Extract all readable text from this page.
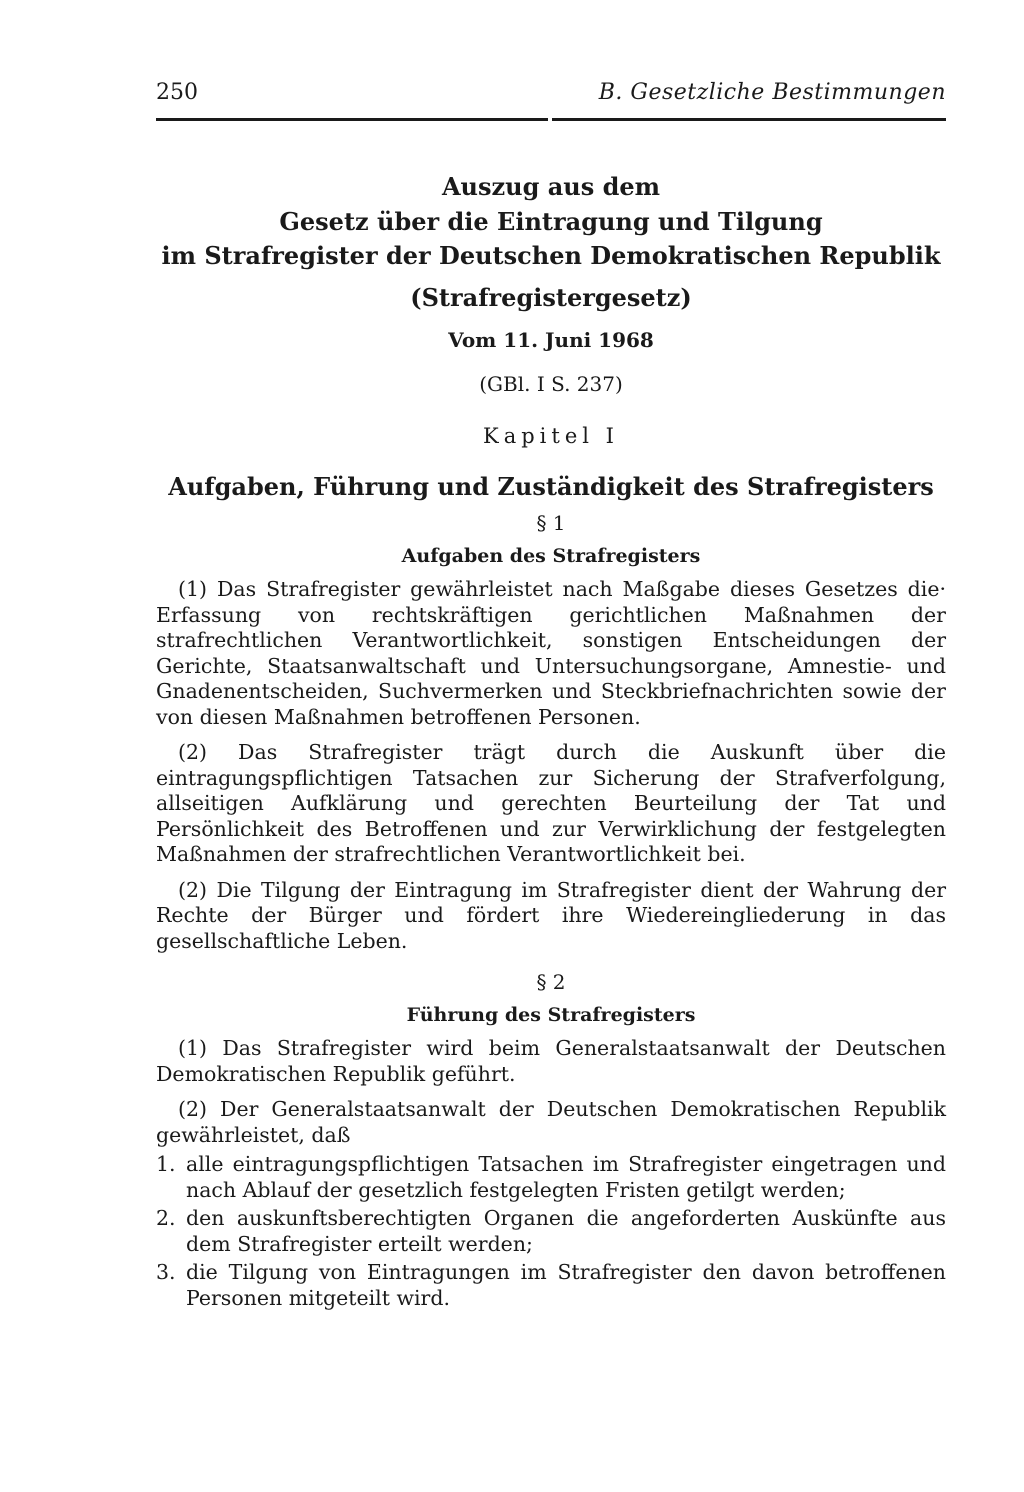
250	B. Gesetzliche Bestimmungen
Auszug aus dem
Gesetz über die Eintragung und Tilgung
im Strafregister der Deutschen Demokratischen Republik
(Strafregistergesetz)
Vom 11. Juni 1968
(GBl. I S. 237)
Kapitel I
Aufgaben, Führung und Zuständigkeit des Strafregisters
§ 1
Aufgaben des Strafregisters

(1) Das Strafregister gewährleistet nach Maßgabe dieses Gesetzes die· Erfassung von rechtskräftigen gerichtlichen Maßnahmen der strafrechtlichen Verantwortlichkeit, sonstigen Entscheidungen der Gerichte, Staatsanwaltschaft und Untersuchungsorgane, Amnestie- und Gnadenentscheiden, Suchvermerken und Steckbriefnachrichten sowie der von diesen Maßnahmen betroffenen Personen.

(2) Das Strafregister trägt durch die Auskunft über die eintragungspflichtigen Tatsachen zur Sicherung der Strafverfolgung, allseitigen Aufklärung und gerechten Beurteilung der Tat und Persönlichkeit des Betroffenen und zur Verwirklichung der festgelegten Maßnahmen der strafrechtlichen Verantwortlichkeit bei.

(2) Die Tilgung der Eintragung im Strafregister dient der Wahrung der Rechte der Bürger und fördert ihre Wiedereingliederung in das gesellschaftliche Leben.

§ 2
Führung des Strafregisters

(1) Das Strafregister wird beim Generalstaatsanwalt der Deutschen Demokratischen Republik geführt.

(2) Der Generalstaatsanwalt der Deutschen Demokratischen Republik gewährleistet, daß

1. alle eintragungspflichtigen Tatsachen im Strafregister eingetragen und nach Ablauf der gesetzlich festgelegten Fristen getilgt werden;
2. den auskunftsberechtigten Organen die angeforderten Auskünfte aus dem Strafregister erteilt werden;
3. die Tilgung von Eintragungen im Strafregister den davon betroffenen Personen mitgeteilt wird.
